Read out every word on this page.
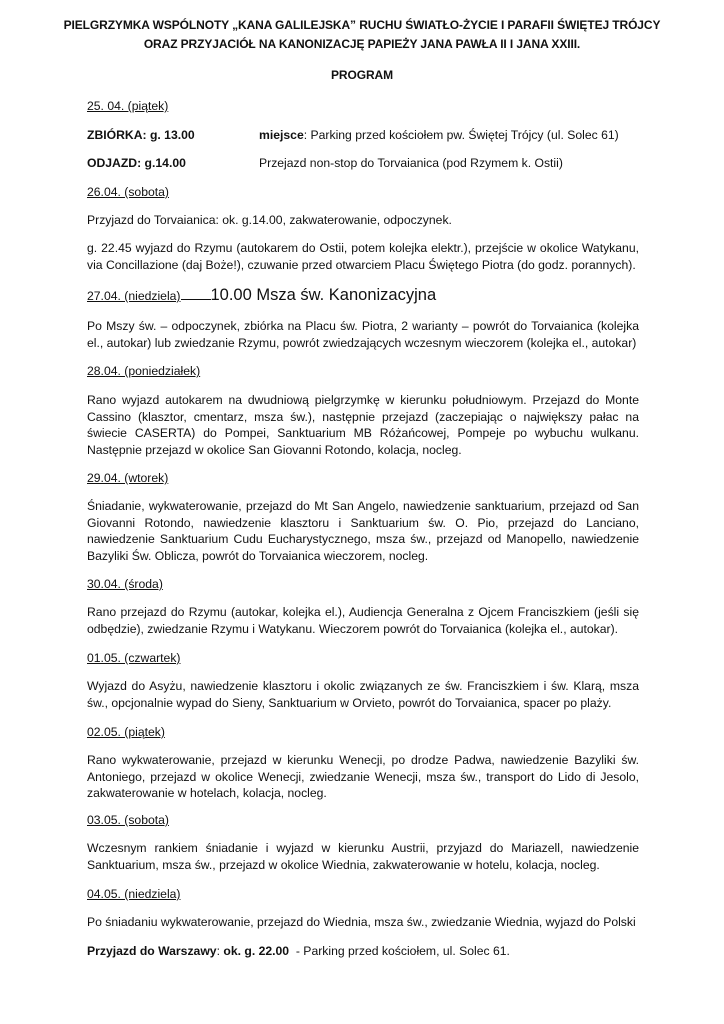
PIELGRZYMKA WSPÓLNOTY „KANA GALILEJSKA” RUCHU ŚWIATŁO-ŻYCIE I PARAFII ŚWIĘTEJ TRÓJCY
ORAZ PRZYJACIÓŁ NA KANONIZACJĘ PAPIEŻY JANA PAWŁA II I JANA XXIII.
PROGRAM
25. 04. (piątek)
ZBIÓRKA: g. 13.00	miejsce: Parking przed kościołem pw. Świętej Trójcy (ul. Solec 61)
ODJAZD: g.14.00	Przejazd non-stop do Torvaianica (pod Rzymem k. Ostii)
26.04. (sobota)
Przyjazd do Torvaianica: ok. g.14.00, zakwaterowanie, odpoczynek.
g. 22.45 wyjazd do Rzymu (autokarem do Ostii, potem kolejka elektr.), przejście w okolice Watykanu, via Concillazione (daj Boże!), czuwanie przed otwarciem Placu Świętego Piotra (do godz. porannych).
27.04. (niedziela) 10.00 Msza św. Kanonizacyjna
Po Mszy św. – odpoczynek, zbiórka na Placu św. Piotra, 2 warianty – powrót do Torvaianica (kolejka el., autokar) lub zwiedzanie Rzymu, powrót zwiedzających wczesnym wieczorem (kolejka el., autokar)
28.04. (poniedziałek)
Rano wyjazd autokarem na dwudniową pielgrzymkę w kierunku południowym. Przejazd do Monte Cassino (klasztor, cmentarz, msza św.), następnie przejazd (zaczepiając o największy pałac na świecie CASERTA) do Pompei, Sanktuarium MB Różańcowej, Pompeje po wybuchu wulkanu. Następnie przejazd w okolice San Giovanni Rotondo, kolacja, nocleg.
29.04. (wtorek)
Śniadanie, wykwaterowanie, przejazd do Mt San Angelo, nawiedzenie sanktuarium, przejazd od San Giovanni Rotondo, nawiedzenie klasztoru i Sanktuarium św. O. Pio, przejazd do Lanciano, nawiedzenie Sanktuarium Cudu Eucharystycznego, msza św., przejazd od Manopello, nawiedzenie Bazyliki Św. Oblicza, powrót do Torvaianica wieczorem, nocleg.
30.04. (środa)
Rano przejazd do Rzymu (autokar, kolejka el.), Audiencja Generalna z Ojcem Franciszkiem (jeśli się odbędzie), zwiedzanie Rzymu i Watykanu. Wieczorem powrót do Torvaianica (kolejka el., autokar).
01.05. (czwartek)
Wyjazd do Asyżu, nawiedzenie klasztoru i okolic związanych ze św. Franciszkiem i św. Klarą, msza św., opcjonalnie wypad do Sieny, Sanktuarium w Orvieto, powrót do Torvaianica, spacer po plaży.
02.05. (piątek)
Rano wykwaterowanie, przejazd w kierunku Wenecji, po drodze Padwa, nawiedzenie Bazyliki św. Antoniego, przejazd w okolice Wenecji, zwiedzanie Wenecji, msza św., transport do Lido di Jesolo, zakwaterowanie w hotelach, kolacja, nocleg.
03.05. (sobota)
Wczesnym rankiem śniadanie i wyjazd w kierunku Austrii, przyjazd do Mariazell, nawiedzenie Sanktuarium, msza św., przejazd w okolice Wiednia, zakwaterowanie w hotelu, kolacja, nocleg.
04.05. (niedziela)
Po śniadaniu wykwaterowanie, przejazd do Wiednia, msza św., zwiedzanie Wiednia, wyjazd do Polski
Przyjazd do Warszawy: ok. g. 22.00  - Parking przed kościołem, ul. Solec 61.
